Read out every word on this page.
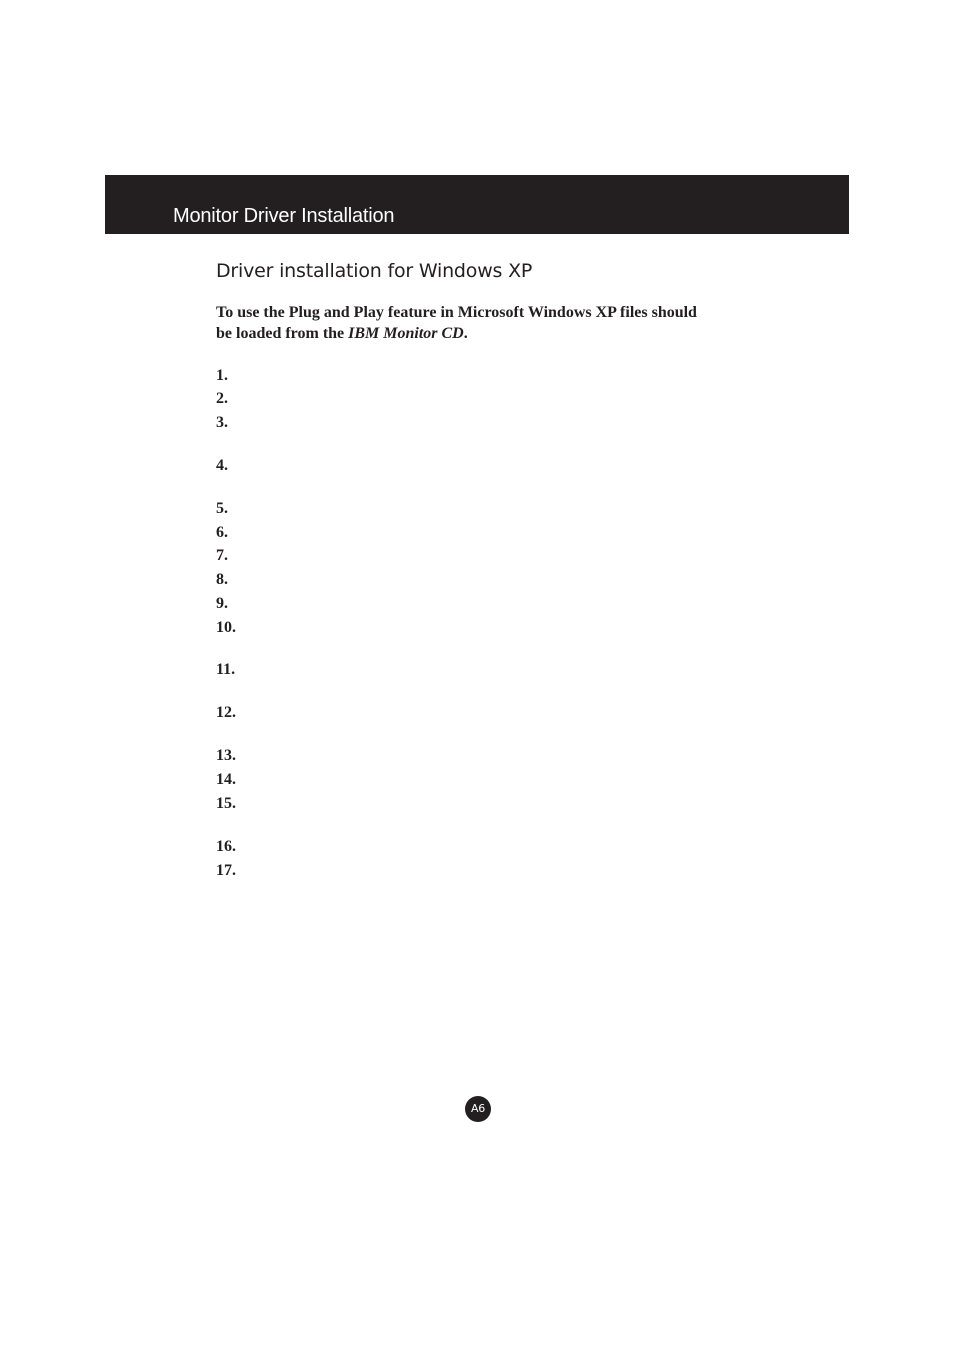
Monitor Driver Installation
Driver installation for Windows XP

To use the Plug and Play feature in Microsoft Windows XP files should
be loaded from the IBM Monitor CD.

1.
2.
3.
4.
5.
6.
7.
8.
9.
10.
11.
12.
13.
14.
15.
16.
17.
A6
